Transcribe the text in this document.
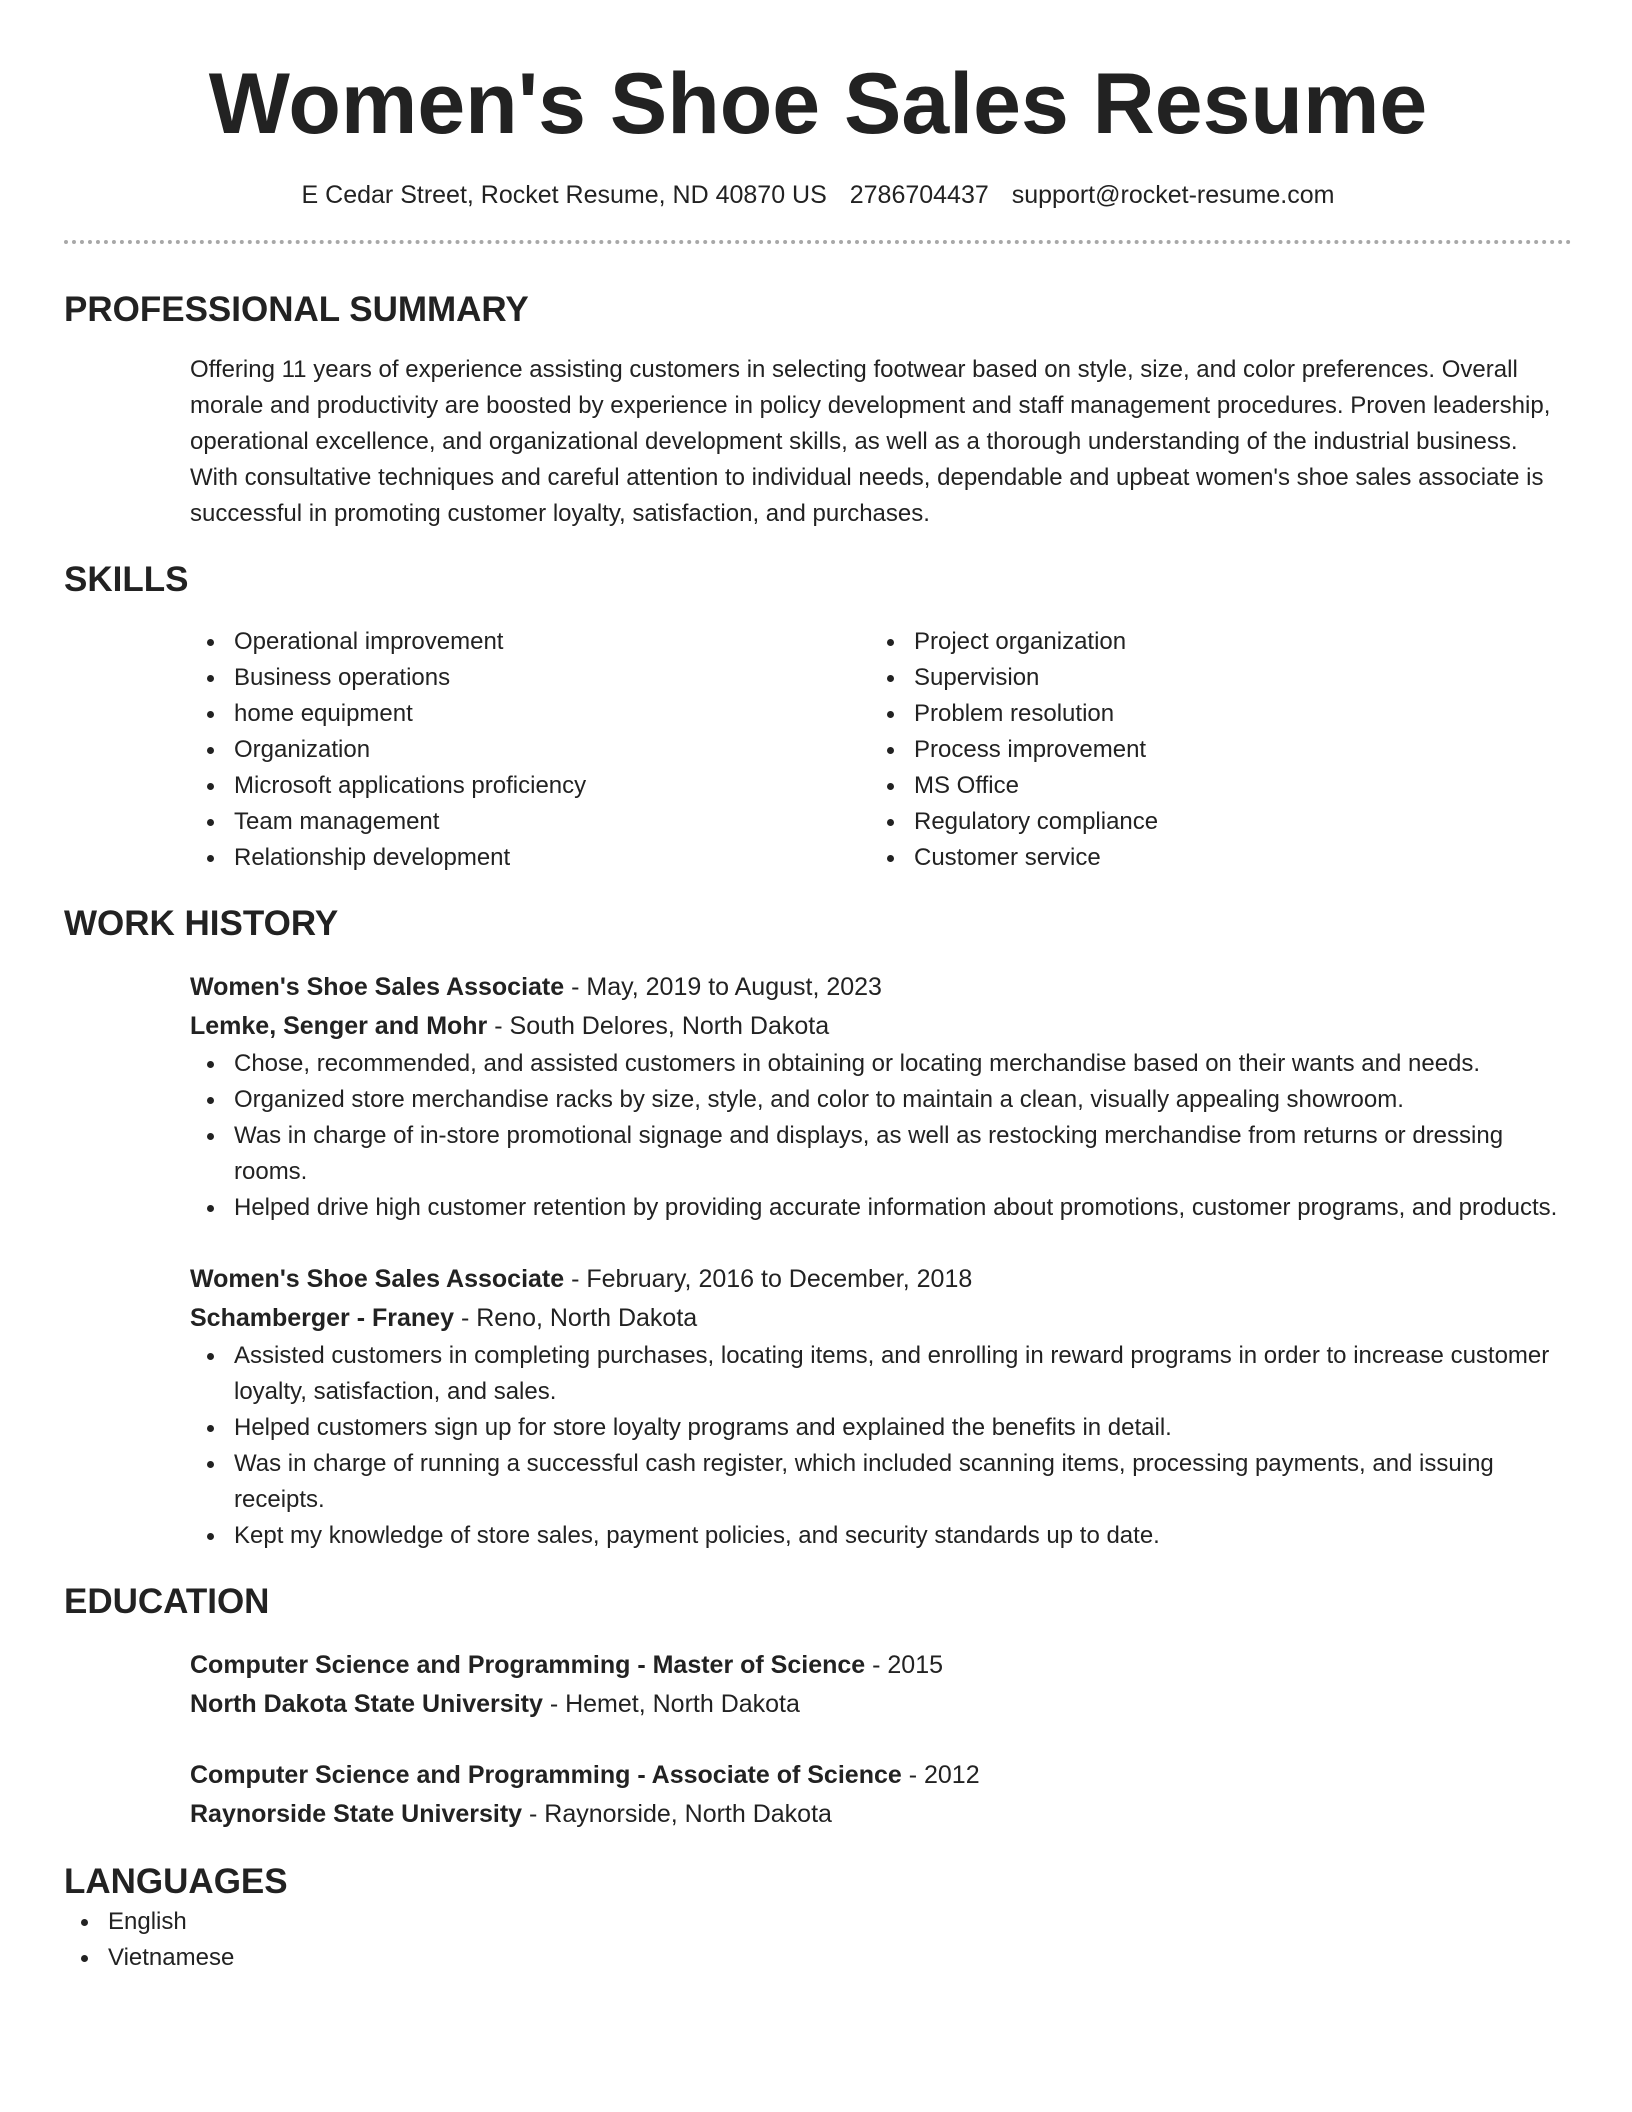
Women's Shoe Sales Resume
E Cedar Street, Rocket Resume, ND 40870 US 2786704437 support@rocket-resume.com
PROFESSIONAL SUMMARY
Offering 11 years of experience assisting customers in selecting footwear based on style, size, and color preferences. Overall morale and productivity are boosted by experience in policy development and staff management procedures. Proven leadership, operational excellence, and organizational development skills, as well as a thorough understanding of the industrial business. With consultative techniques and careful attention to individual needs, dependable and upbeat women's shoe sales associate is successful in promoting customer loyalty, satisfaction, and purchases.
SKILLS
Operational improvement
Business operations
home equipment
Organization
Microsoft applications proficiency
Team management
Relationship development
Project organization
Supervision
Problem resolution
Process improvement
MS Office
Regulatory compliance
Customer service
WORK HISTORY
Women's Shoe Sales Associate - May, 2019 to August, 2023
Lemke, Senger and Mohr - South Delores, North Dakota
Chose, recommended, and assisted customers in obtaining or locating merchandise based on their wants and needs.
Organized store merchandise racks by size, style, and color to maintain a clean, visually appealing showroom.
Was in charge of in-store promotional signage and displays, as well as restocking merchandise from returns or dressing rooms.
Helped drive high customer retention by providing accurate information about promotions, customer programs, and products.
Women's Shoe Sales Associate - February, 2016 to December, 2018
Schamberger - Franey - Reno, North Dakota
Assisted customers in completing purchases, locating items, and enrolling in reward programs in order to increase customer loyalty, satisfaction, and sales.
Helped customers sign up for store loyalty programs and explained the benefits in detail.
Was in charge of running a successful cash register, which included scanning items, processing payments, and issuing receipts.
Kept my knowledge of store sales, payment policies, and security standards up to date.
EDUCATION
Computer Science and Programming - Master of Science - 2015
North Dakota State University - Hemet, North Dakota
Computer Science and Programming - Associate of Science - 2012
Raynorside State University - Raynorside, North Dakota
LANGUAGES
English
Vietnamese
